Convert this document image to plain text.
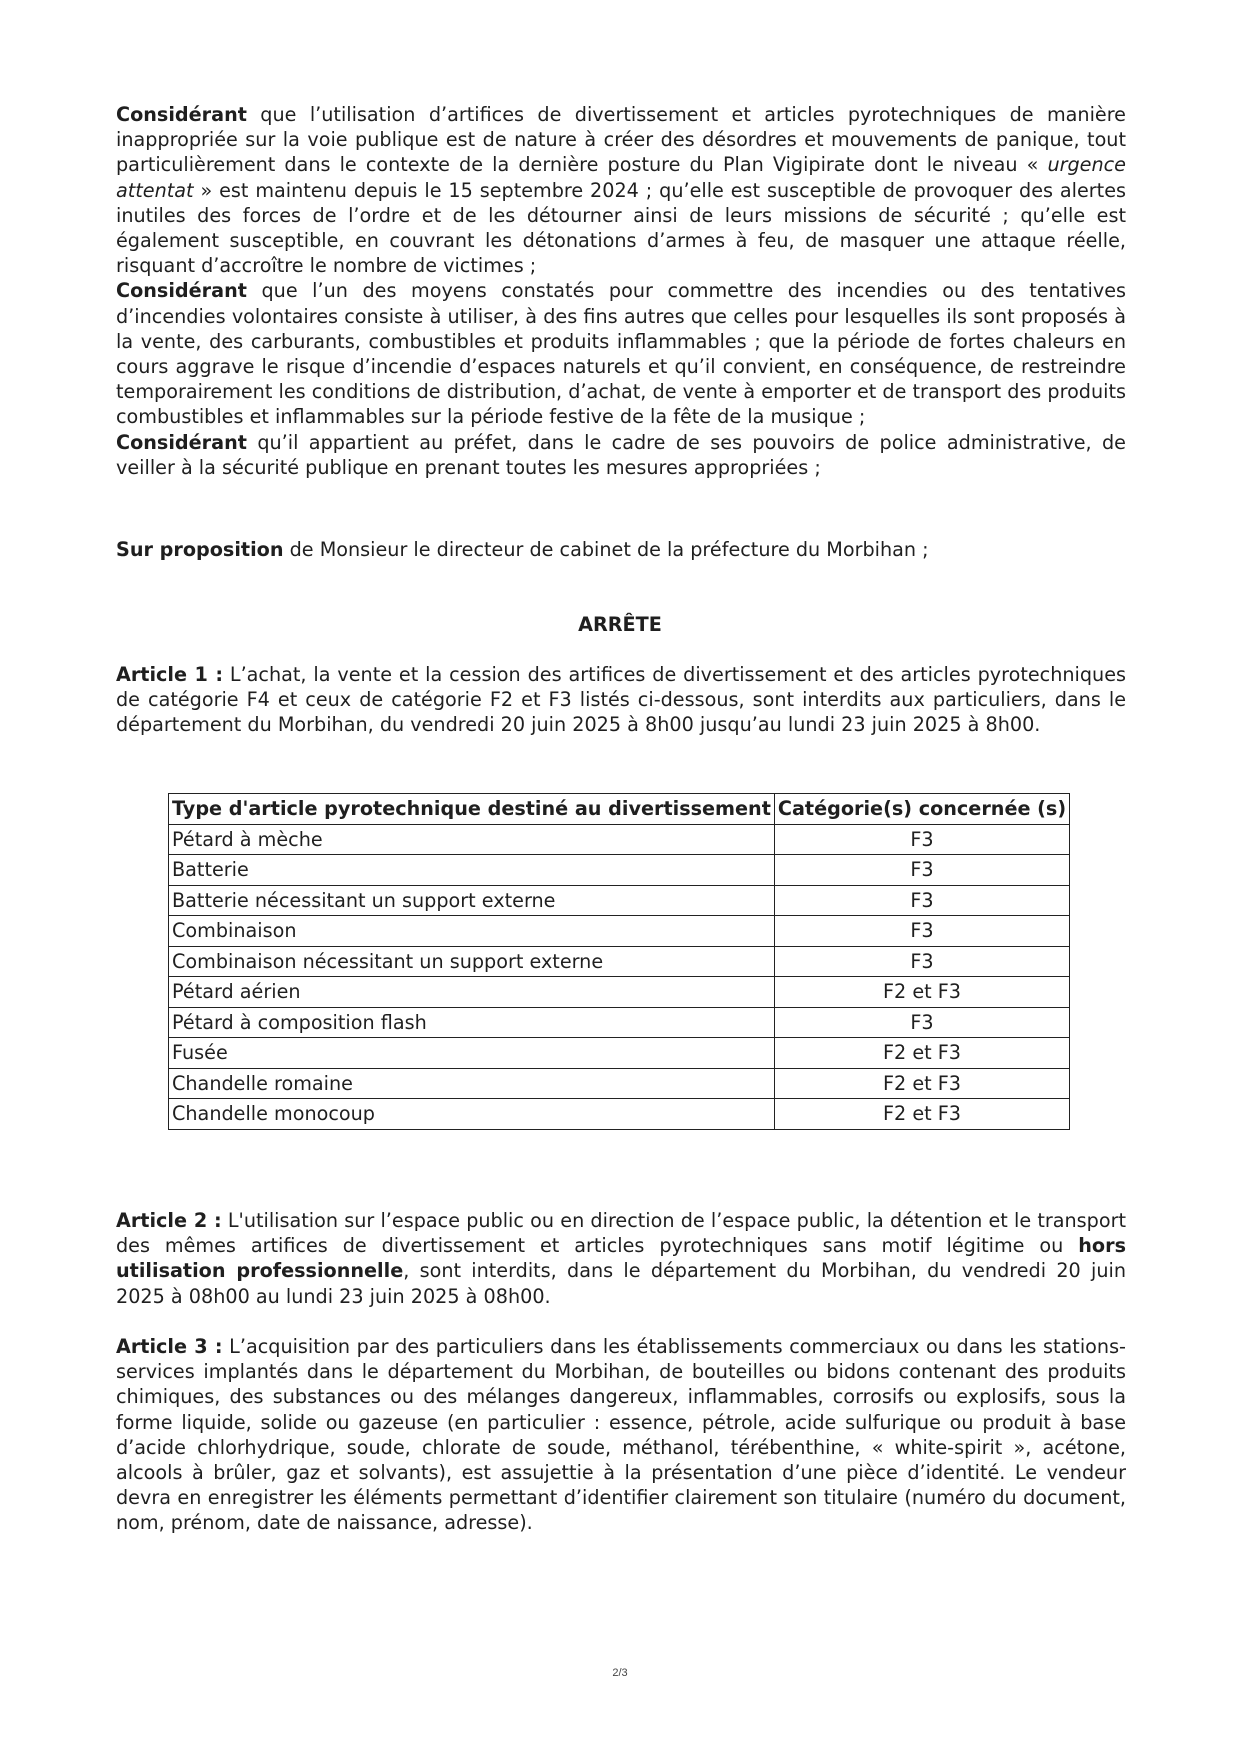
Considérant que l’utilisation d’artifices de divertissement et articles pyrotechniques de manière inappropriée sur la voie publique est de nature à créer des désordres et mouvements de panique, tout particulièrement dans le contexte de la dernière posture du Plan Vigipirate dont le niveau « urgence attentat » est maintenu depuis le 15 septembre 2024 ; qu’elle est susceptible de provoquer des alertes inutiles des forces de l’ordre et de les détourner ainsi de leurs missions de sécurité ; qu’elle est également susceptible, en couvrant les détonations d’armes à feu, de masquer une attaque réelle, risquant d’accroître le nombre de victimes ;

Considérant que l’un des moyens constatés pour commettre des incendies ou des tentatives d’incendies volontaires consiste à utiliser, à des fins autres que celles pour lesquelles ils sont proposés à la vente, des carburants, combustibles et produits inflammables ; que la période de fortes chaleurs en cours aggrave le risque d’incendie d’espaces naturels et qu’il convient, en conséquence, de restreindre temporairement les conditions de distribution, d’achat, de vente à emporter et de transport des produits combustibles et inflammables sur la période festive de la fête de la musique ;

Considérant qu’il appartient au préfet, dans le cadre de ses pouvoirs de police administrative, de veiller à la sécurité publique en prenant toutes les mesures appropriées ;

Sur proposition de Monsieur le directeur de cabinet de la préfecture du Morbihan ;

ARRÊTE

Article 1 : L’achat, la vente et la cession des artifices de divertissement et des articles pyrotechniques de catégorie F4 et ceux de catégorie F2 et F3 listés ci-dessous, sont interdits aux particuliers, dans le département du Morbihan, du vendredi 20 juin 2025 à 8h00 jusqu’au lundi 23 juin 2025 à 8h00.

Type d'article pyrotechnique destiné au divertissement	Catégorie(s) concernée (s)
Pétard à mèche	F3
Batterie	F3
Batterie nécessitant un support externe	F3
Combinaison	F3
Combinaison nécessitant un support externe	F3
Pétard aérien	F2 et F3
Pétard à composition flash	F3
Fusée	F2 et F3
Chandelle romaine	F2 et F3
Chandelle monocoup	F2 et F3

Article 2 : L'utilisation sur l’espace public ou en direction de l’espace public, la détention et le transport des mêmes artifices de divertissement et articles pyrotechniques sans motif légitime ou hors utilisation professionnelle, sont interdits, dans le département du Morbihan, du vendredi 20 juin 2025 à 08h00 au lundi 23 juin 2025 à 08h00.

Article 3 : L’acquisition par des particuliers dans les établissements commerciaux ou dans les stations-services implantés dans le département du Morbihan, de bouteilles ou bidons contenant des produits chimiques, des substances ou des mélanges dangereux, inflammables, corrosifs ou explosifs, sous la forme liquide, solide ou gazeuse (en particulier : essence, pétrole, acide sulfurique ou produit à base d’acide chlorhydrique, soude, chlorate de soude, méthanol, térébenthine, « white-spirit », acétone, alcools à brûler, gaz et solvants), est assujettie à la présentation d’une pièce d’identité. Le vendeur devra en enregistrer les éléments permettant d’identifier clairement son titulaire (numéro du document, nom, prénom, date de naissance, adresse).

2/3
